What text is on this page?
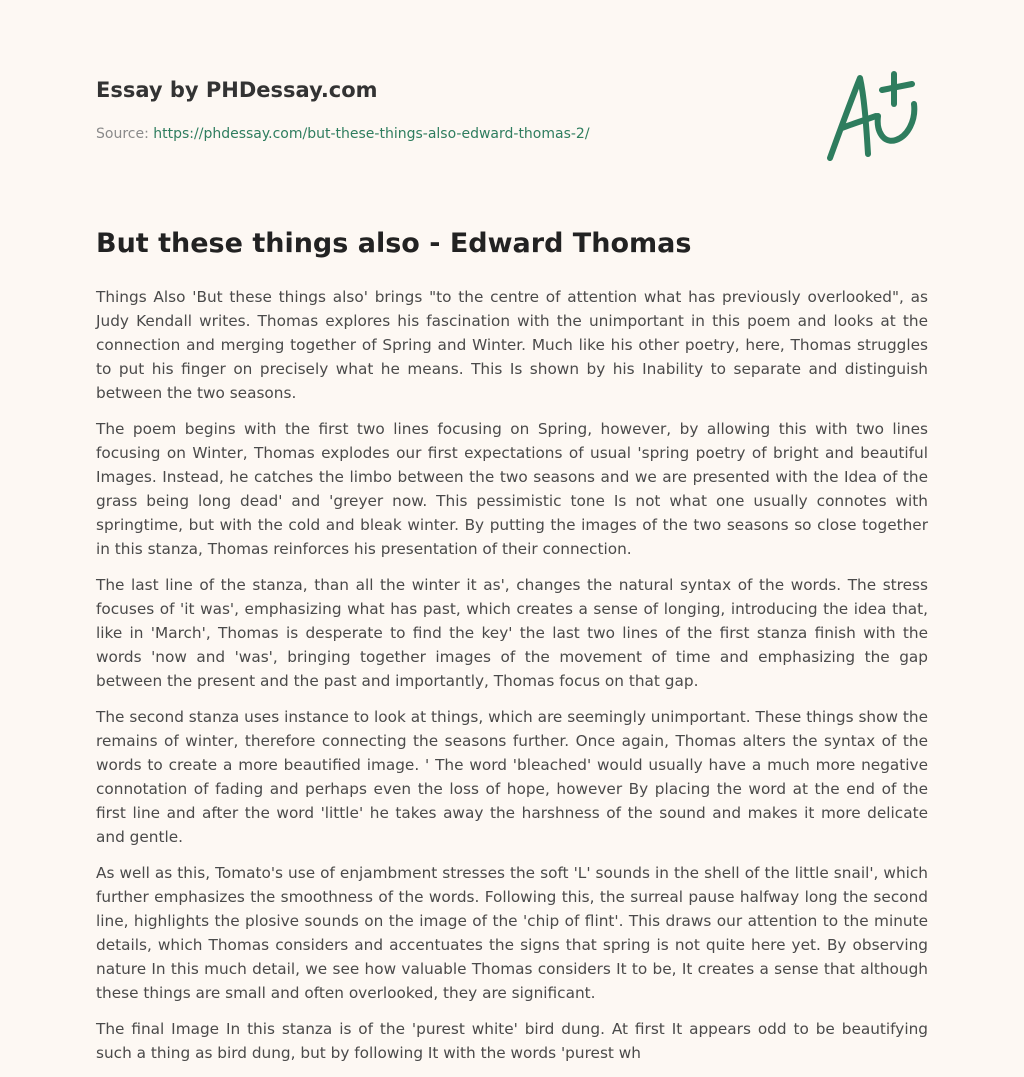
Essay by PHDessay.com
Source: https://phdessay.com/but-these-things-also-edward-thomas-2/
But these things also - Edward Thomas

Things Also 'But these things also' brings "to the centre of attention what has previously overlooked", as Judy Kendall writes. Thomas explores his fascination with the unimportant in this poem and looks at the connection and merging together of Spring and Winter. Much like his other poetry, here, Thomas struggles to put his finger on precisely what he means. This Is shown by his Inability to separate and distinguish between the two seasons.

The poem begins with the first two lines focusing on Spring, however, by allowing this with two lines focusing on Winter, Thomas explodes our first expectations of usual 'spring poetry of bright and beautiful Images. Instead, he catches the limbo between the two seasons and we are presented with the Idea of the grass being long dead' and 'greyer now. This pessimistic tone Is not what one usually connotes with springtime, but with the cold and bleak winter. By putting the images of the two seasons so close together in this stanza, Thomas reinforces his presentation of their connection.

The last line of the stanza, than all the winter it as', changes the natural syntax of the words. The stress focuses of 'it was', emphasizing what has past, which creates a sense of longing, introducing the idea that, like in 'March', Thomas is desperate to find the key' the last two lines of the first stanza finish with the words 'now and 'was', bringing together images of the movement of time and emphasizing the gap between the present and the past and importantly, Thomas focus on that gap.

The second stanza uses instance to look at things, which are seemingly unimportant. These things show the remains of winter, therefore connecting the seasons further. Once again, Thomas alters the syntax of the words to create a more beautified image. ' The word 'bleached' would usually have a much more negative connotation of fading and perhaps even the loss of hope, however By placing the word at the end of the first line and after the word 'little' he takes away the harshness of the sound and makes it more delicate and gentle.

As well as this, Tomato's use of enjambment stresses the soft 'L' sounds in the shell of the little snail', which further emphasizes the smoothness of the words. Following this, the surreal pause halfway long the second line, highlights the plosive sounds on the image of the 'chip of flint'. This draws our attention to the minute details, which Thomas considers and accentuates the signs that spring is not quite here yet. By observing nature In this much detail, we see how valuable Thomas considers It to be, It creates a sense that although these things are small and often overlooked, they are significant.

The final Image In this stanza is of the 'purest white' bird dung. At first It appears odd to be beautifying such a thing as bird dung, but by following It with the words 'purest wh
